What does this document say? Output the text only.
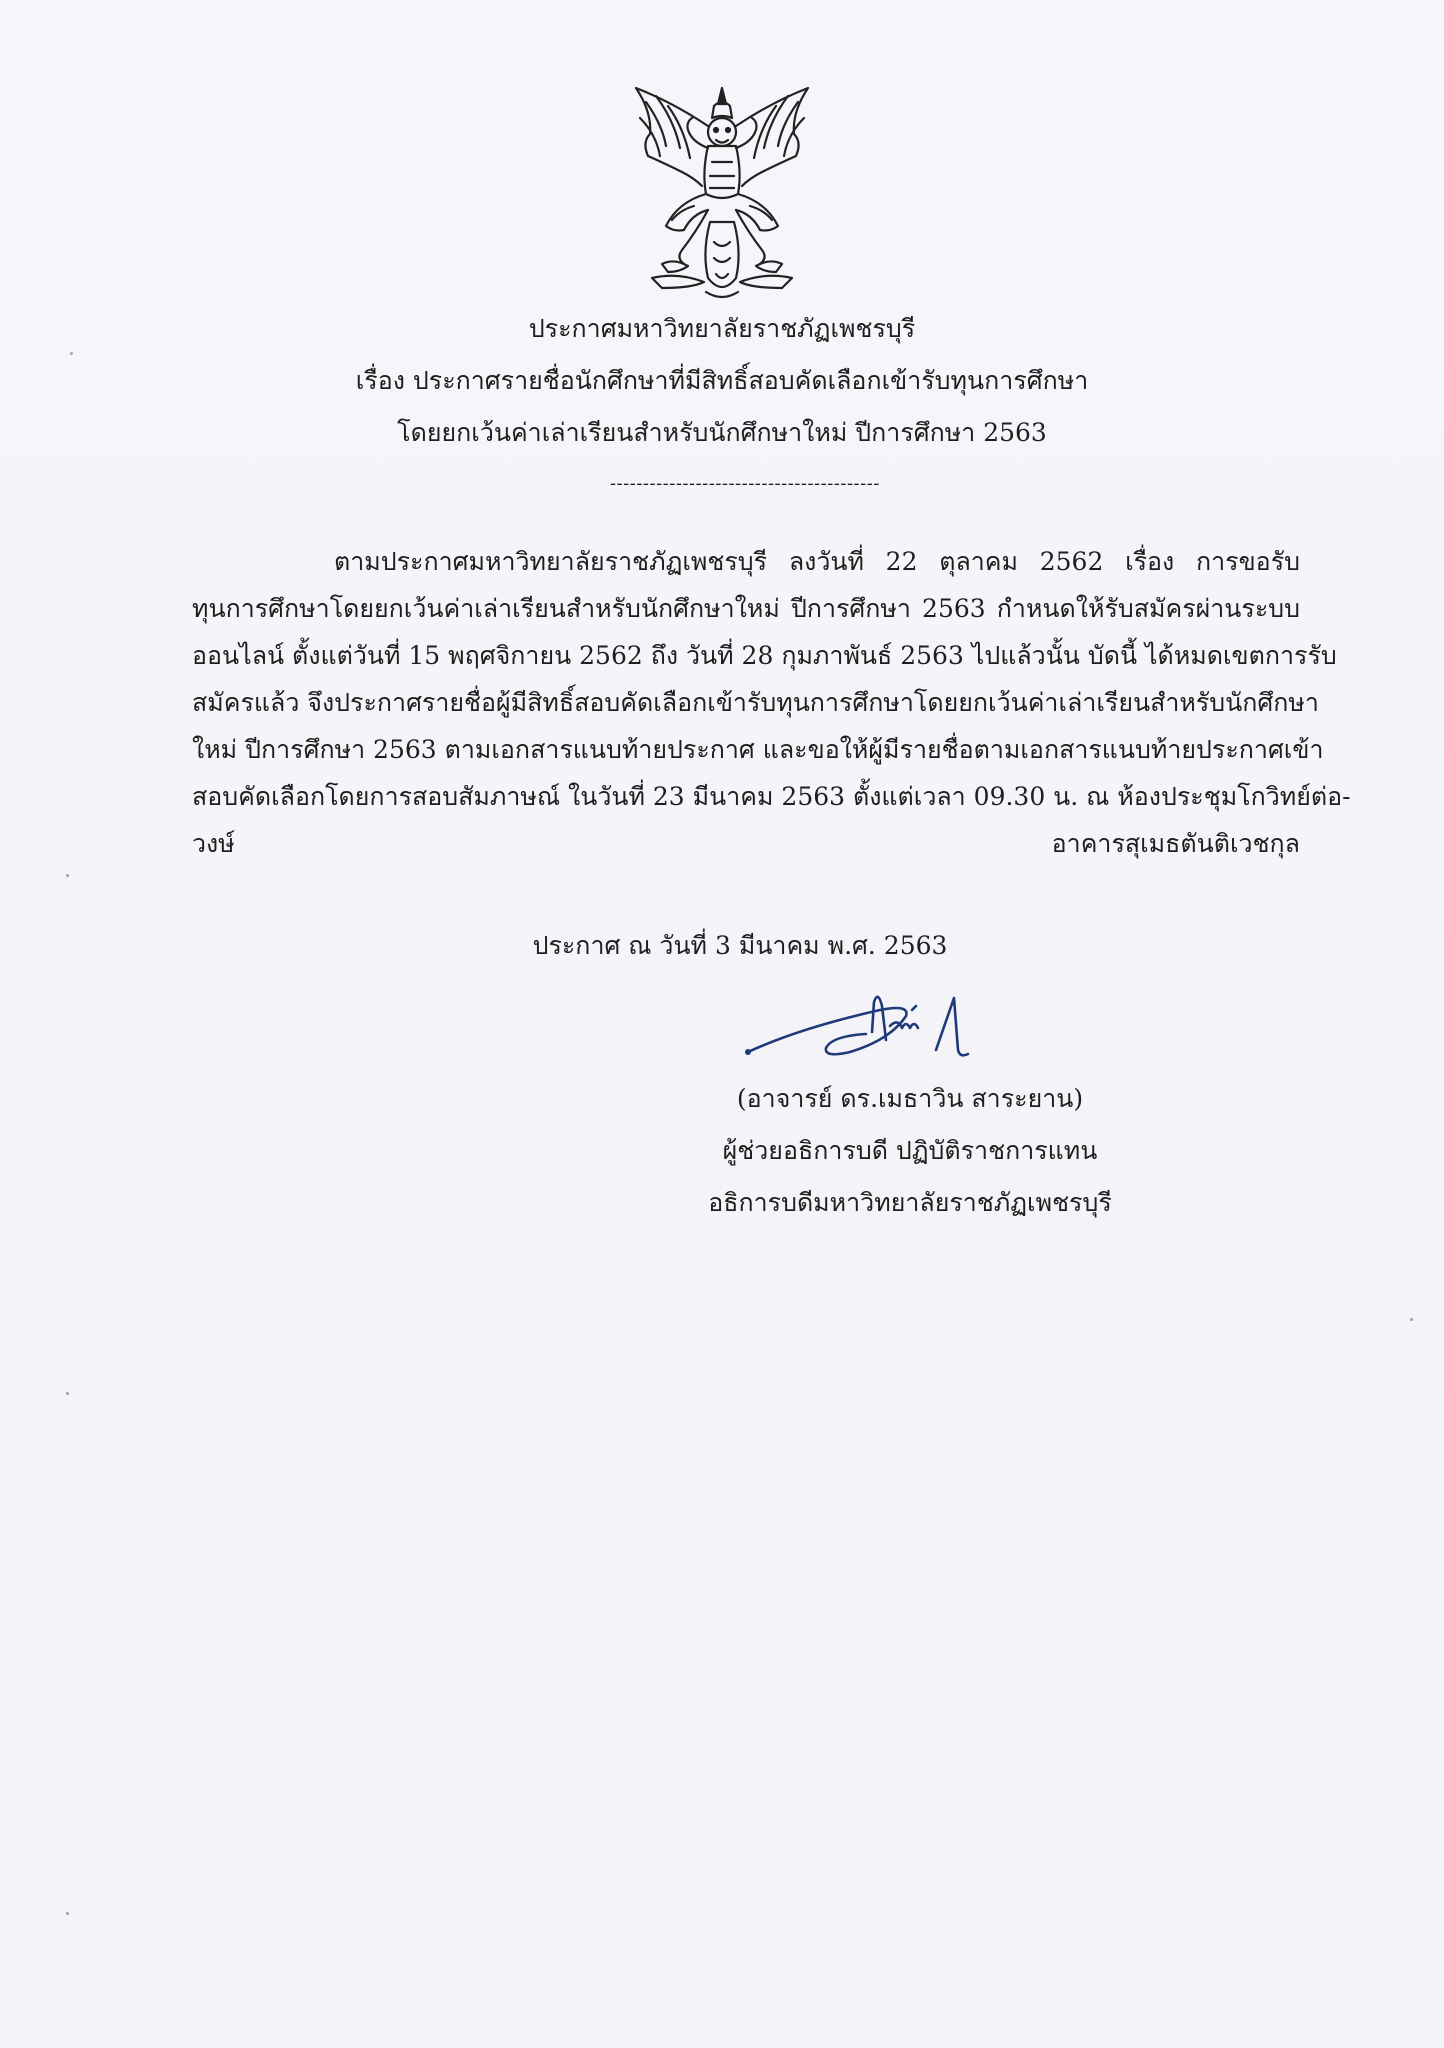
ประกาศมหาวิทยาลัยราชภัฏเพชรบุรี
เรื่อง ประกาศรายชื่อนักศึกษาที่มีสิทธิ์สอบคัดเลือกเข้ารับทุนการศึกษา
โดยยกเว้นค่าเล่าเรียนสำหรับนักศึกษาใหม่ ปีการศึกษา 2563
-----------------------------------------
ตามประกาศมหาวิทยาลัยราชภัฏเพชรบุรี ลงวันที่ 22 ตุลาคม 2562 เรื่อง การขอรับ
ทุนการศึกษาโดยยกเว้นค่าเล่าเรียนสำหรับนักศึกษาใหม่ ปีการศึกษา 2563 กำหนดให้รับสมัครผ่านระบบ
ออนไลน์ ตั้งแต่วันที่ 15 พฤศจิกายน 2562 ถึง วันที่ 28 กุมภาพันธ์ 2563 ไปแล้วนั้น บัดนี้ ได้หมดเขตการรับ
สมัครแล้ว จึงประกาศรายชื่อผู้มีสิทธิ์สอบคัดเลือกเข้ารับทุนการศึกษาโดยยกเว้นค่าเล่าเรียนสำหรับนักศึกษา
ใหม่ ปีการศึกษา 2563 ตามเอกสารแนบท้ายประกาศ และขอให้ผู้มีรายชื่อตามเอกสารแนบท้ายประกาศเข้า
สอบคัดเลือกโดยการสอบสัมภาษณ์ ในวันที่ 23 มีนาคม 2563 ตั้งแต่เวลา 09.30 น. ณ ห้องประชุมโกวิทย์ต่อ-
วงษ์ อาคารสุเมธตันติเวชกุล
ประกาศ ณ วันที่ 3 มีนาคม พ.ศ. 2563
(อาจารย์ ดร.เมธาวิน สาระยาน)
ผู้ช่วยอธิการบดี ปฏิบัติราชการแทน
อธิการบดีมหาวิทยาลัยราชภัฏเพชรบุรี
